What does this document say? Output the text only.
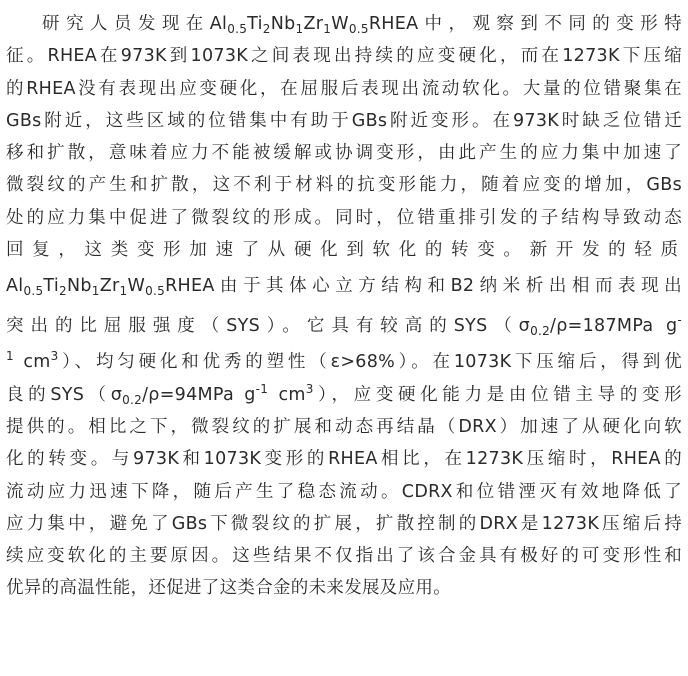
研究人员发现在$Al_{0.5}Ti_2Nb_1Zr_1W_{0.5}RHEA$中，观察到不同的变形特
征。RHEA在973K到1073K之间表现出持续的应变硬化，而在1273K下压缩
的RHEA没有表现出应变硬化，在屈服后表现出流动软化。大量的位错聚集在
GBs附近，这些区域的位错集中有助于GBs附近变形。在973K时缺乏位错迁
移和扩散，意味着应力不能被缓解或协调变形，由此产生的应力集中加速了
微裂纹的产生和扩散，这不利于材料的抗变形能力，随着应变的增加，GBs
处的应力集中促进了微裂纹的形成。同时，位错重排引发的子结构导致动态
回复，这类变形加速了从硬化到软化的转变。新开发的轻质
$Al_{0.5}Ti_2Nb_1Zr_1W_{0.5}RHEA$由于其体心立方结构和B2纳米析出相而表现出
突出的比屈服强度（SYS）。它具有较高的$SYS(\sigma_{0.2}/\rho=187MPa$ g-
$^1$ $cm^3$）、均匀硬化和优秀的塑性（ε>68%）。在1073K下压缩后，得到优
良的$SYS(\sigma_{0.2}/\rho=94MPa$ $g^{-1}$ $cm^3$），应变硬化能力是由位错主导的变形
提供的。相比之下，微裂纹的扩展和动态再结晶（DRX）加速了从硬化向软
化的转变。与973K和1073K变形的RHEA相比，在1273K压缩时，RHEA的
流动应力迅速下降，随后产生了稳态流动。CDRX和位错湮灭有效地降低了
应力集中，避免了GBs下微裂纹的扩展，扩散控制的DRX是1273K压缩后持
续应变软化的主要原因。这些结果不仅指出了该合金具有极好的可变形性和
优异的高温性能，还促进了这类合金的未来发展及应用。
